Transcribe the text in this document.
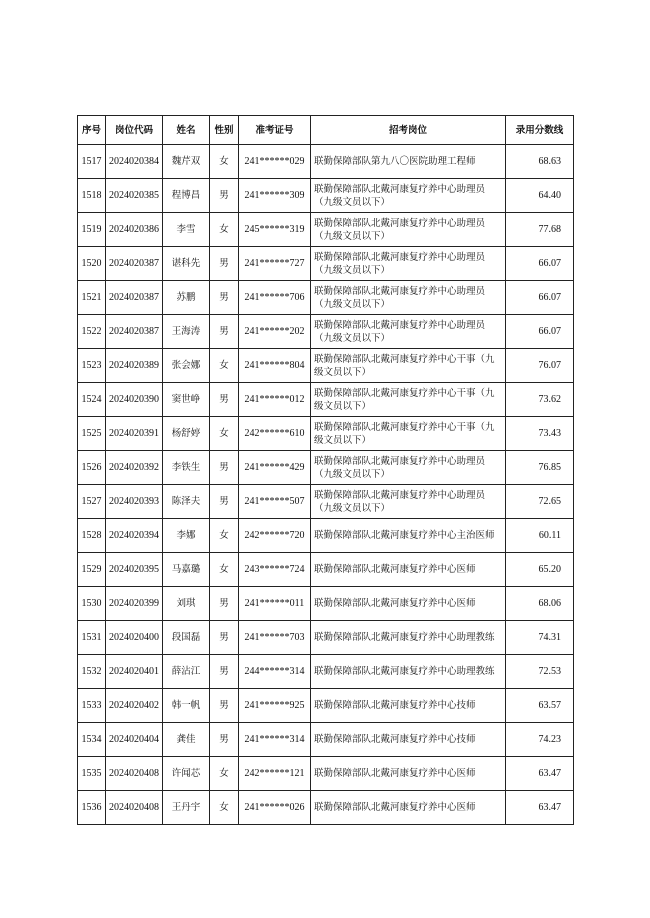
序号	岗位代码	姓名	性别	准考证号	招考岗位	录用分数线
1517	2024020384	魏芹双	女	241******029	联勤保障部队第九八〇医院助理工程师	68.63
1518	2024020385	程博昌	男	241******309	联勤保障部队北戴河康复疗养中心助理员（九级文员以下）	64.40
1519	2024020386	李雪	女	245******319	联勤保障部队北戴河康复疗养中心助理员（九级文员以下）	77.68
1520	2024020387	谌科先	男	241******727	联勤保障部队北戴河康复疗养中心助理员（九级文员以下）	66.07
1521	2024020387	苏鹏	男	241******706	联勤保障部队北戴河康复疗养中心助理员（九级文员以下）	66.07
1522	2024020387	王海涛	男	241******202	联勤保障部队北戴河康复疗养中心助理员（九级文员以下）	66.07
1523	2024020389	张会娜	女	241******804	联勤保障部队北戴河康复疗养中心干事（九级文员以下）	76.07
1524	2024020390	窦世峥	男	241******012	联勤保障部队北戴河康复疗养中心干事（九级文员以下）	73.62
1525	2024020391	杨舒婷	女	242******610	联勤保障部队北戴河康复疗养中心干事（九级文员以下）	73.43
1526	2024020392	李铁生	男	241******429	联勤保障部队北戴河康复疗养中心助理员（九级文员以下）	76.85
1527	2024020393	陈泽夫	男	241******507	联勤保障部队北戴河康复疗养中心助理员（九级文员以下）	72.65
1528	2024020394	李娜	女	242******720	联勤保障部队北戴河康复疗养中心主治医师	60.11
1529	2024020395	马嘉璐	女	243******724	联勤保障部队北戴河康复疗养中心医师	65.20
1530	2024020399	刘琪	男	241******011	联勤保障部队北戴河康复疗养中心医师	68.06
1531	2024020400	段国磊	男	241******703	联勤保障部队北戴河康复疗养中心助理教练	74.31
1532	2024020401	薛沾江	男	244******314	联勤保障部队北戴河康复疗养中心助理教练	72.53
1533	2024020402	韩一帆	男	241******925	联勤保障部队北戴河康复疗养中心技师	63.57
1534	2024020404	龚佳	男	241******314	联勤保障部队北戴河康复疗养中心技师	74.23
1535	2024020408	许闻芯	女	242******121	联勤保障部队北戴河康复疗养中心医师	63.47
1536	2024020408	王丹宇	女	241******026	联勤保障部队北戴河康复疗养中心医师	63.47
